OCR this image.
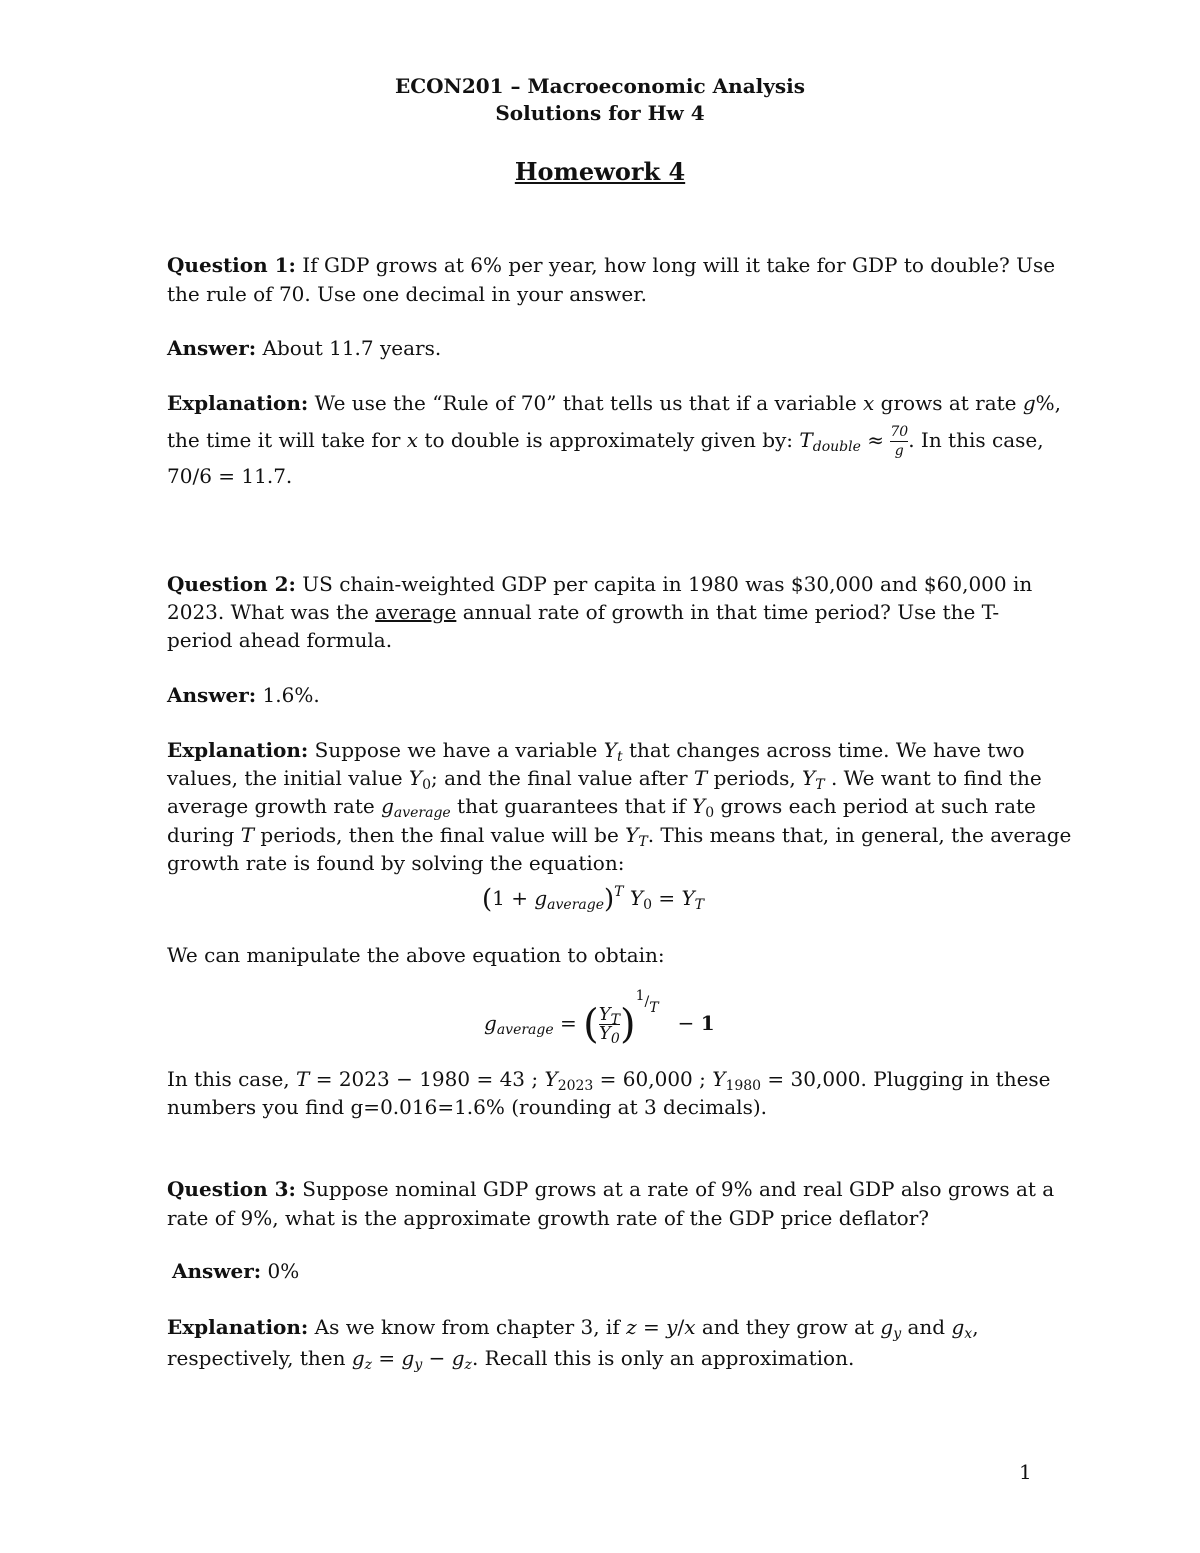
ECON201 – Macroeconomic Analysis
Solutions for Hw 4
Homework 4
Question 1: If GDP grows at 6% per year, how long will it take for GDP to double? Use
the rule of 70. Use one decimal in your answer.
Answer: About 11.7 years.
Explanation: We use the “Rule of 70” that tells us that if a variable x grows at rate g%,
the time it will take for x to double is approximately given by: $T_{double} \approx \frac{70}{g}$ . In this case,
70/6 = 11.7.
Question 2: US chain-weighted GDP per capita in 1980 was $30,000 and $60,000 in
2023. What was the average annual rate of growth in that time period? Use the T-
period ahead formula.
Answer: 1.6%.
Explanation: Suppose we have a variable $Y_t$ that changes across time. We have two
values, the initial value $Y_0$; and the final value after T periods, $Y_T$ . We want to find the
average growth rate $g_{average}$ that guarantees that if $Y_0$ grows each period at such rate
during T periods, then the final value will be $Y_T$. This means that, in general, the average
growth rate is found by solving the equation:
$(1 + g_{average})^T$ $Y_0 = Y_T$
We can manipulate the above equation to obtain:
$g_{average}$ = ( $\frac{Y_T}{Y_0} )^{1/T} - 1$
In this case, T = 2023 − 1980 = 43 ; $Y_{2023} = 60,000$ ; $Y_{1980} = 30,000$. Plugging in these
numbers you find g=0.016=1.6% (rounding at 3 decimals).
Question 3: Suppose nominal GDP grows at a rate of 9% and real GDP also grows at a
rate of 9%, what is the approximate growth rate of the GDP price deflator?
Answer: 0%
Explanation: As we know from chapter 3, if z = y/x and they grow at $g_y$ and $g_x$,
respectively, then $g_z = g_y - g_z$. Recall this is only an approximation.
1
